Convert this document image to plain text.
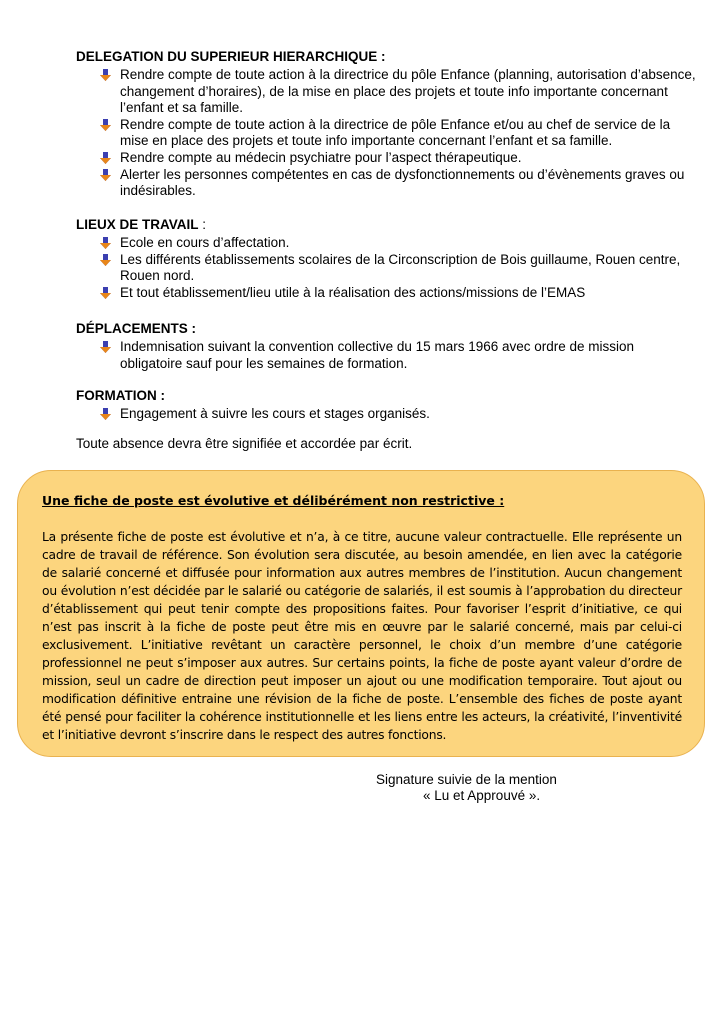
DELEGATION DU SUPERIEUR HIERARCHIQUE :
Rendre compte de toute action à la directrice du pôle Enfance (planning, autorisation d’absence, changement d’horaires), de la mise en place des projets et toute info importante concernant l’enfant et sa famille.
Rendre compte de toute action à la directrice de pôle Enfance et/ou au chef de service de la mise en place des projets et toute info importante concernant l’enfant et sa famille.
Rendre compte au médecin psychiatre pour l’aspect thérapeutique.
Alerter les personnes compétentes en cas de dysfonctionnements ou d’évènements graves ou indésirables.
LIEUX DE TRAVAIL :
Ecole en cours d’affectation.
Les différents établissements scolaires de la Circonscription de Bois guillaume, Rouen centre, Rouen nord.
Et tout établissement/lieu utile à la réalisation des actions/missions de l’EMAS
DÉPLACEMENTS :
Indemnisation suivant la convention collective du 15 mars 1966 avec ordre de mission obligatoire sauf pour les semaines de formation.
FORMATION :
Engagement à suivre les cours et stages organisés.
Toute absence devra être signifiée et accordée par écrit.
Une fiche de poste est évolutive et délibérément non restrictive :
La présente fiche de poste est évolutive et n’a, à ce titre, aucune valeur contractuelle. Elle représente un cadre de travail de référence. Son évolution sera discutée, au besoin amendée, en lien avec la catégorie de salarié concerné et diffusée pour information aux autres membres de l’institution. Aucun changement ou évolution n’est décidée par le salarié ou catégorie de salariés, il est soumis à l’approbation du directeur d’établissement qui peut tenir compte des propositions faites. Pour favoriser l’esprit d’initiative, ce qui n’est pas inscrit à la fiche de poste peut être mis en œuvre par le salarié concerné, mais par celui-ci exclusivement. L’initiative revêtant un caractère personnel, le choix d’un membre d’une catégorie professionnel ne peut s’imposer aux autres. Sur certains points, la fiche de poste ayant valeur d’ordre de mission, seul un cadre de direction peut imposer un ajout ou une modification temporaire. Tout ajout ou modification définitive entraine une révision de la fiche de poste. L’ensemble des fiches de poste ayant été pensé pour faciliter la cohérence institutionnelle et les liens entre les acteurs, la créativité, l’inventivité et l’initiative devront s’inscrire dans le respect des autres fonctions.
Signature suivie de la mention
« Lu et Approuvé ».
